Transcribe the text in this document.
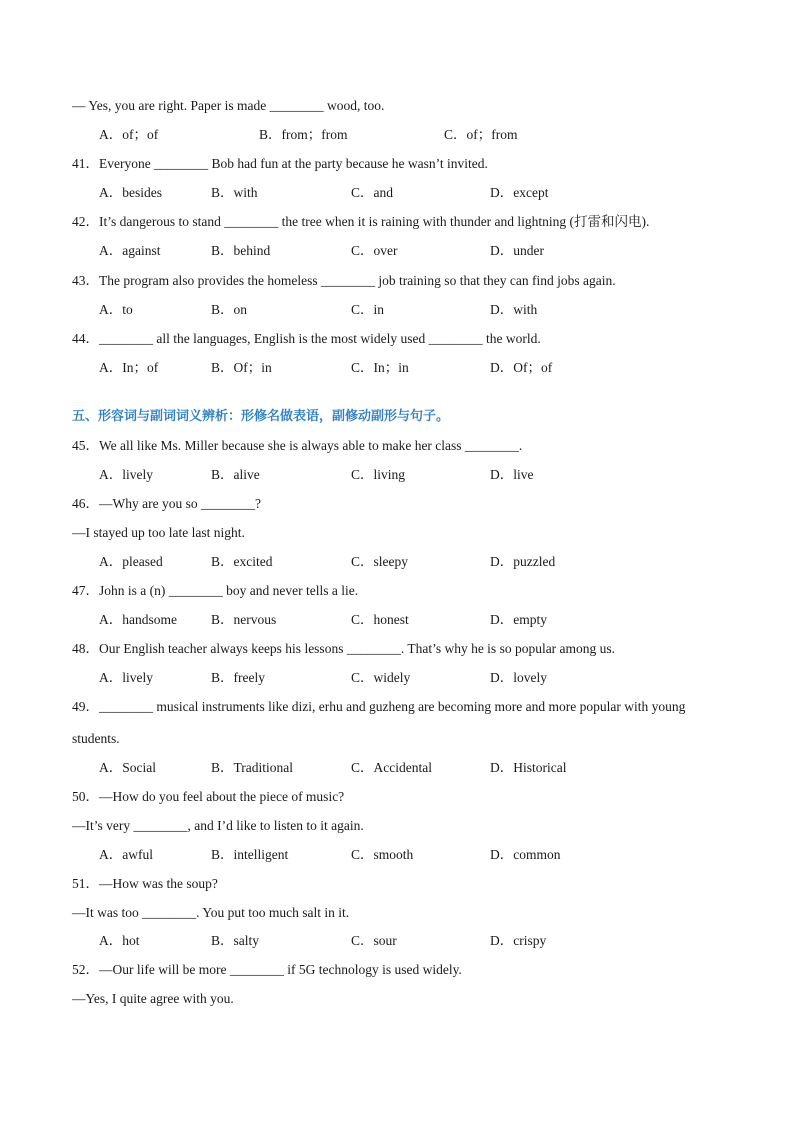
— Yes, you are right. Paper is made ________ wood, too.
A．of；of	B．from；from	C．of；from
41．Everyone ________ Bob had fun at the party because he wasn’t invited.
A．besides	B．with	C．and	D．except
42．It’s dangerous to stand ________ the tree when it is raining with thunder and lightning (打雷和闪电).
A．against	B．behind	C．over	D．under
43．The program also provides the homeless ________ job training so that they can find jobs again.
A．to	B．on	C．in	D．with
44．________ all the languages, English is the most widely used ________ the world.
A．In；of	B．Of；in	C．In；in	D．Of；of
五、形容词与副词词义辨析：形修名做表语，副修动副形与句子。
45．We all like Ms. Miller because she is always able to make her class ________.
A．lively	B．alive	C．living	D．live
46．—Why are you so ________?
—I stayed up too late last night.
A．pleased	B．excited	C．sleepy	D．puzzled
47．John is a (n) ________ boy and never tells a lie.
A．handsome	B．nervous	C．honest	D．empty
48．Our English teacher always keeps his lessons ________. That’s why he is so popular among us.
A．lively	B．freely	C．widely	D．lovely
49．________ musical instruments like dizi, erhu and guzheng are becoming more and more popular with young
students.
A．Social	B．Traditional	C．Accidental	D．Historical
50．—How do you feel about the piece of music?
—It’s very ________, and I’d like to listen to it again.
A．awful	B．intelligent	C．smooth	D．common
51．—How was the soup?
—It was too ________. You put too much salt in it.
A．hot	B．salty	C．sour	D．crispy
52．—Our life will be more ________ if 5G technology is used widely.
—Yes, I quite agree with you.
